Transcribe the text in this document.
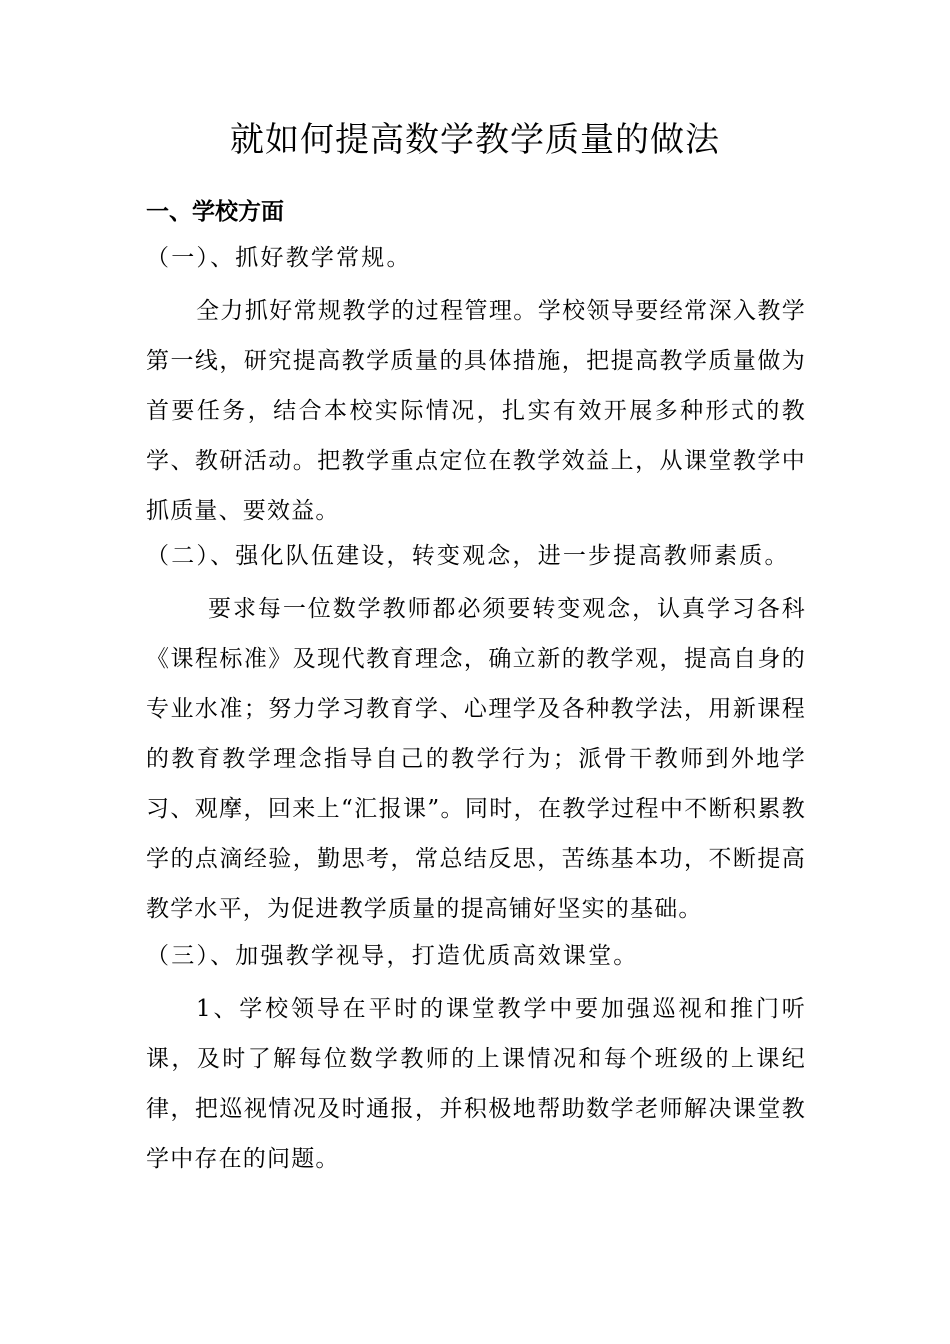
就如何提高数学教学质量的做法
一、学校方面

（一）、抓好教学常规。

全力抓好常规教学的过程管理。学校领导要经常深入教学第一线，研究提高教学质量的具体措施，把提高教学质量做为首要任务，结合本校实际情况，扎实有效开展多种形式的教学、教研活动。把教学重点定位在教学效益上，从课堂教学中抓质量、要效益。

（二）、强化队伍建设，转变观念，进一步提高教师素质。

要求每一位数学教师都必须要转变观念，认真学习各科《课程标准》及现代教育理念，确立新的教学观，提高自身的专业水准；努力学习教育学、心理学及各种教学法，用新课程的教育教学理念指导自己的教学行为；派骨干教师到外地学习、观摩，回来上“汇报课”。同时，在教学过程中不断积累教学的点滴经验，勤思考，常总结反思，苦练基本功，不断提高教学水平，为促进教学质量的提高铺好坚实的基础。

（三）、加强教学视导，打造优质高效课堂。

1、学校领导在平时的课堂教学中要加强巡视和推门听课，及时了解每位数学教师的上课情况和每个班级的上课纪律，把巡视情况及时通报，并积极地帮助数学老师解决课堂教学中存在的问题。
